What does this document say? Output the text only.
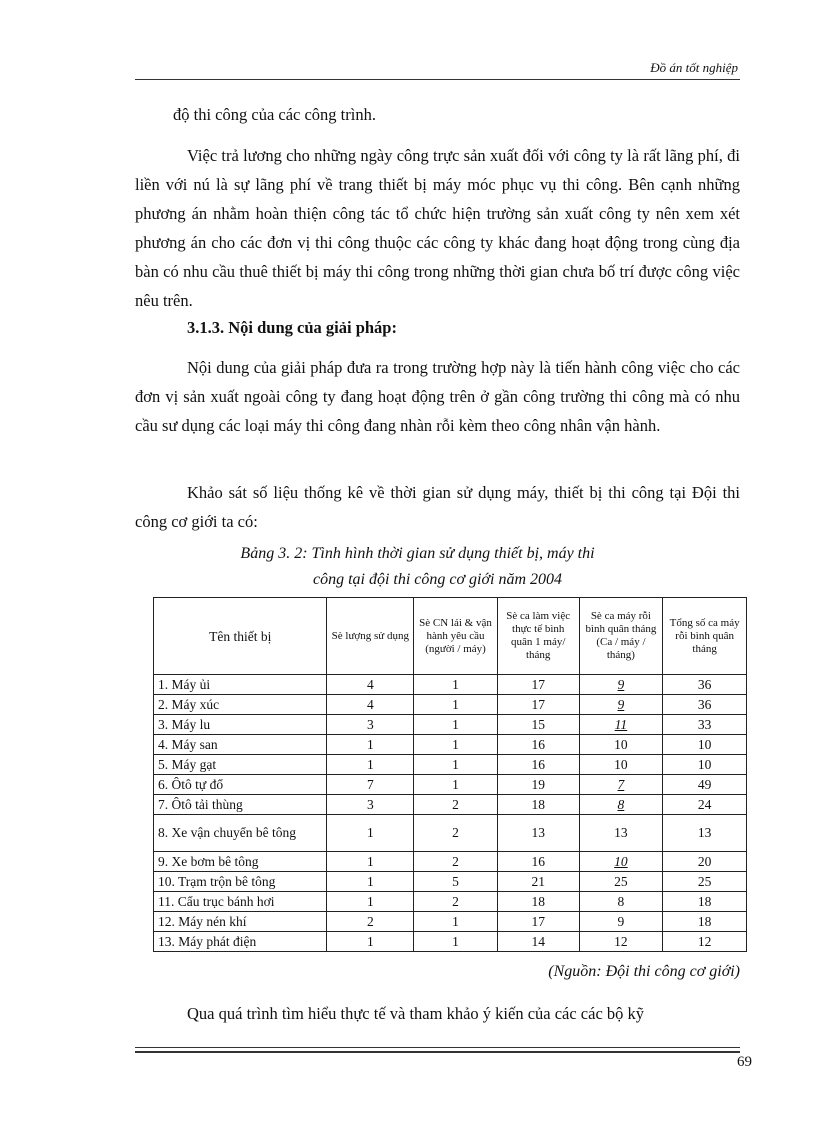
Đồ án tốt nghiệp

độ thi công của các công trình.

Việc trả lương cho những ngày công trực sản xuất đối với công ty là rất lãng phí, đi liền với nú là sự lãng phí về trang thiết bị máy móc phục vụ thi công. Bên cạnh những phương án nhằm hoàn thiện công tác tổ chức hiện trường sản xuất công ty nên xem xét phương án cho các đơn vị thi công thuộc các công ty khác đang hoạt động trong cùng địa bàn có nhu cầu thuê thiết bị máy thi công trong những thời gian chưa bố trí được công việc nêu trên.

3.1.3. Nội dung của giải pháp:

Nội dung của giải pháp đưa ra trong trường hợp này là tiến hành công việc cho các đơn vị sản xuất ngoài công ty đang hoạt động trên ở gần công trường thi công mà có nhu cầu sư dụng các loại máy thi công đang nhàn rỗi kèm theo công nhân vận hành.

Khảo sát số liệu thống kê về thời gian sử dụng máy, thiết bị thi công tại Đội thi công cơ giới ta có:

Bảng 3. 2: Tình hình thời gian sử dụng thiết bị, máy thi
công tại đội thi công cơ giới năm 2004
Tên thiết bị	Sè lượng sử dụng	Sè CN lái & vận hành yêu cầu (người / máy)	Sè ca làm việc thực tế bình quân 1 máy/ tháng	Sè ca máy rỗi bình quân tháng (Ca / máy / tháng)	Tổng số ca máy rỗi bình quân tháng
1. Máy ủi	4	1	17	9	36
2. Máy xúc	4	1	17	9	36
3. Máy lu	3	1	15	11	33
4. Máy san	1	1	16	10	10
5. Máy gạt	1	1	16	10	10
6. Ôtô tự đổ	7	1	19	7	49
7. Ôtô tải thùng	3	2	18	8	24
8. Xe vận chuyển bê tông	1	2	13	13	13
9. Xe bơm bê tông	1	2	16	10	20
10. Trạm trộn bê tông	1	5	21	25	25
11. Cẩu trục bánh hơi	1	2	18	8	18
12. Máy nén khí	2	1	17	9	18
13. Máy phát điện	1	1	14	12	12
(Nguồn: Đội thi công cơ giới)
Qua quá trình tìm hiểu thực tế và tham khảo ý kiến của các các bộ kỹ
69
